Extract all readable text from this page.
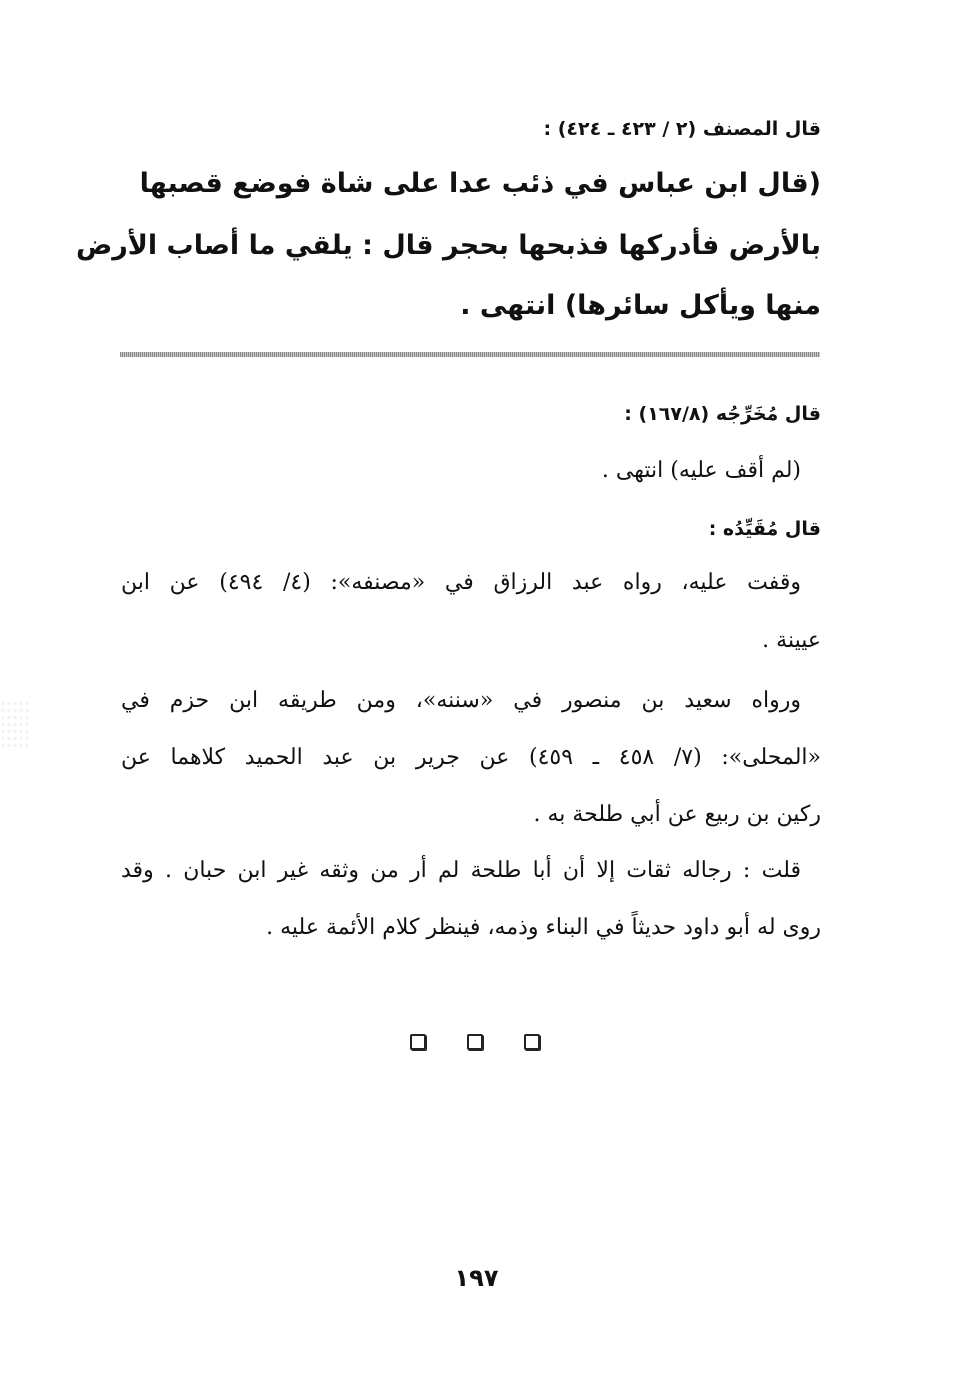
قال المصنف (٢ / ٤٢٣ ـ ٤٢٤) :
(قال ابن عباس في ذئب عدا على شاة فوضع قصبها
بالأرض فأدركها فذبحها بحجر قال : يلقي ما أصاب الأرض
منها ويأكل سائرها) انتهى .
قال مُخَرِّجُه (١٦٧/٨) :
(لم أقف عليه) انتهى .
قال مُقَيِّدُه :
وقفت عليه، رواه عبد الرزاق في «مصنفه»: (٤/ ٤٩٤) عن ابن
عيينة .
ورواه سعيد بن منصور في «سننه»، ومن طريقه ابن حزم في
«المحلى»: (٧/ ٤٥٨ ـ ٤٥٩) عن جرير بن عبد الحميد كلاهما عن
ركين بن ربيع عن أبي طلحة به .
قلت : رجاله ثقات إلا أن أبا طلحة لم أر من وثقه غير ابن حبان . وقد
روى له أبو داود حديثاً في البناء وذمه، فينظر كلام الأئمة عليه .
١٩٧
